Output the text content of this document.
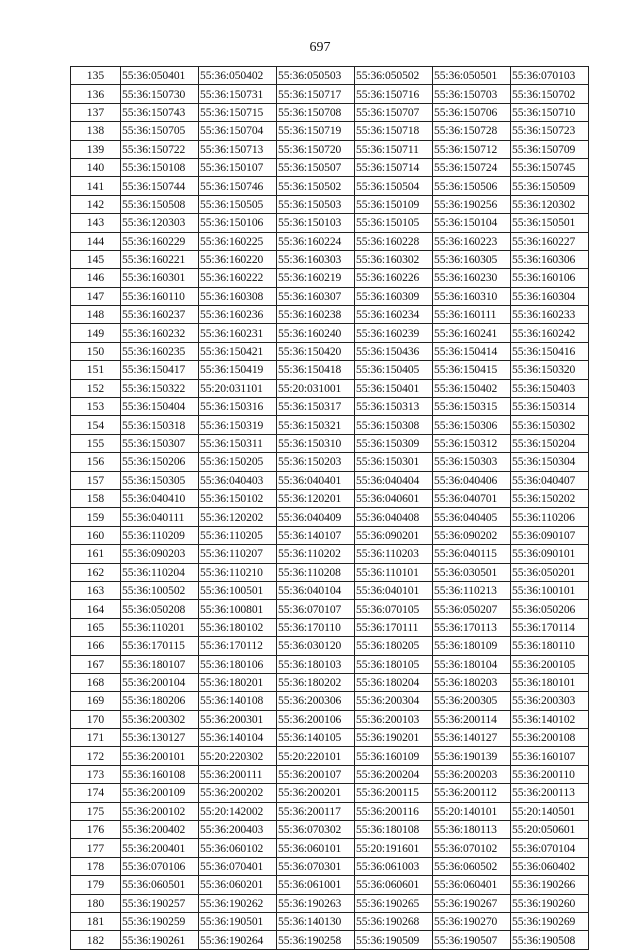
697
135	55:36:050401	55:36:050402	55:36:050503	55:36:050502	55:36:050501	55:36:070103
136	55:36:150730	55:36:150731	55:36:150717	55:36:150716	55:36:150703	55:36:150702
137	55:36:150743	55:36:150715	55:36:150708	55:36:150707	55:36:150706	55:36:150710
138	55:36:150705	55:36:150704	55:36:150719	55:36:150718	55:36:150728	55:36:150723
139	55:36:150722	55:36:150713	55:36:150720	55:36:150711	55:36:150712	55:36:150709
140	55:36:150108	55:36:150107	55:36:150507	55:36:150714	55:36:150724	55:36:150745
141	55:36:150744	55:36:150746	55:36:150502	55:36:150504	55:36:150506	55:36:150509
142	55:36:150508	55:36:150505	55:36:150503	55:36:150109	55:36:190256	55:36:120302
143	55:36:120303	55:36:150106	55:36:150103	55:36:150105	55:36:150104	55:36:150501
144	55:36:160229	55:36:160225	55:36:160224	55:36:160228	55:36:160223	55:36:160227
145	55:36:160221	55:36:160220	55:36:160303	55:36:160302	55:36:160305	55:36:160306
146	55:36:160301	55:36:160222	55:36:160219	55:36:160226	55:36:160230	55:36:160106
147	55:36:160110	55:36:160308	55:36:160307	55:36:160309	55:36:160310	55:36:160304
148	55:36:160237	55:36:160236	55:36:160238	55:36:160234	55:36:160111	55:36:160233
149	55:36:160232	55:36:160231	55:36:160240	55:36:160239	55:36:160241	55:36:160242
150	55:36:160235	55:36:150421	55:36:150420	55:36:150436	55:36:150414	55:36:150416
151	55:36:150417	55:36:150419	55:36:150418	55:36:150405	55:36:150415	55:36:150320
152	55:36:150322	55:20:031101	55:20:031001	55:36:150401	55:36:150402	55:36:150403
153	55:36:150404	55:36:150316	55:36:150317	55:36:150313	55:36:150315	55:36:150314
154	55:36:150318	55:36:150319	55:36:150321	55:36:150308	55:36:150306	55:36:150302
155	55:36:150307	55:36:150311	55:36:150310	55:36:150309	55:36:150312	55:36:150204
156	55:36:150206	55:36:150205	55:36:150203	55:36:150301	55:36:150303	55:36:150304
157	55:36:150305	55:36:040403	55:36:040401	55:36:040404	55:36:040406	55:36:040407
158	55:36:040410	55:36:150102	55:36:120201	55:36:040601	55:36:040701	55:36:150202
159	55:36:040111	55:36:120202	55:36:040409	55:36:040408	55:36:040405	55:36:110206
160	55:36:110209	55:36:110205	55:36:140107	55:36:090201	55:36:090202	55:36:090107
161	55:36:090203	55:36:110207	55:36:110202	55:36:110203	55:36:040115	55:36:090101
162	55:36:110204	55:36:110210	55:36:110208	55:36:110101	55:36:030501	55:36:050201
163	55:36:100502	55:36:100501	55:36:040104	55:36:040101	55:36:110213	55:36:100101
164	55:36:050208	55:36:100801	55:36:070107	55:36:070105	55:36:050207	55:36:050206
165	55:36:110201	55:36:180102	55:36:170110	55:36:170111	55:36:170113	55:36:170114
166	55:36:170115	55:36:170112	55:36:030120	55:36:180205	55:36:180109	55:36:180110
167	55:36:180107	55:36:180106	55:36:180103	55:36:180105	55:36:180104	55:36:200105
168	55:36:200104	55:36:180201	55:36:180202	55:36:180204	55:36:180203	55:36:180101
169	55:36:180206	55:36:140108	55:36:200306	55:36:200304	55:36:200305	55:36:200303
170	55:36:200302	55:36:200301	55:36:200106	55:36:200103	55:36:200114	55:36:140102
171	55:36:130127	55:36:140104	55:36:140105	55:36:190201	55:36:140127	55:36:200108
172	55:36:200101	55:20:220302	55:20:220101	55:36:160109	55:36:190139	55:36:160107
173	55:36:160108	55:36:200111	55:36:200107	55:36:200204	55:36:200203	55:36:200110
174	55:36:200109	55:36:200202	55:36:200201	55:36:200115	55:36:200112	55:36:200113
175	55:36:200102	55:20:142002	55:36:200117	55:36:200116	55:20:140101	55:20:140501
176	55:36:200402	55:36:200403	55:36:070302	55:36:180108	55:36:180113	55:20:050601
177	55:36:200401	55:36:060102	55:36:060101	55:20:191601	55:36:070102	55:36:070104
178	55:36:070106	55:36:070401	55:36:070301	55:36:061003	55:36:060502	55:36:060402
179	55:36:060501	55:36:060201	55:36:061001	55:36:060601	55:36:060401	55:36:190266
180	55:36:190257	55:36:190262	55:36:190263	55:36:190265	55:36:190267	55:36:190260
181	55:36:190259	55:36:190501	55:36:140130	55:36:190268	55:36:190270	55:36:190269
182	55:36:190261	55:36:190264	55:36:190258	55:36:190509	55:36:190507	55:36:190508
